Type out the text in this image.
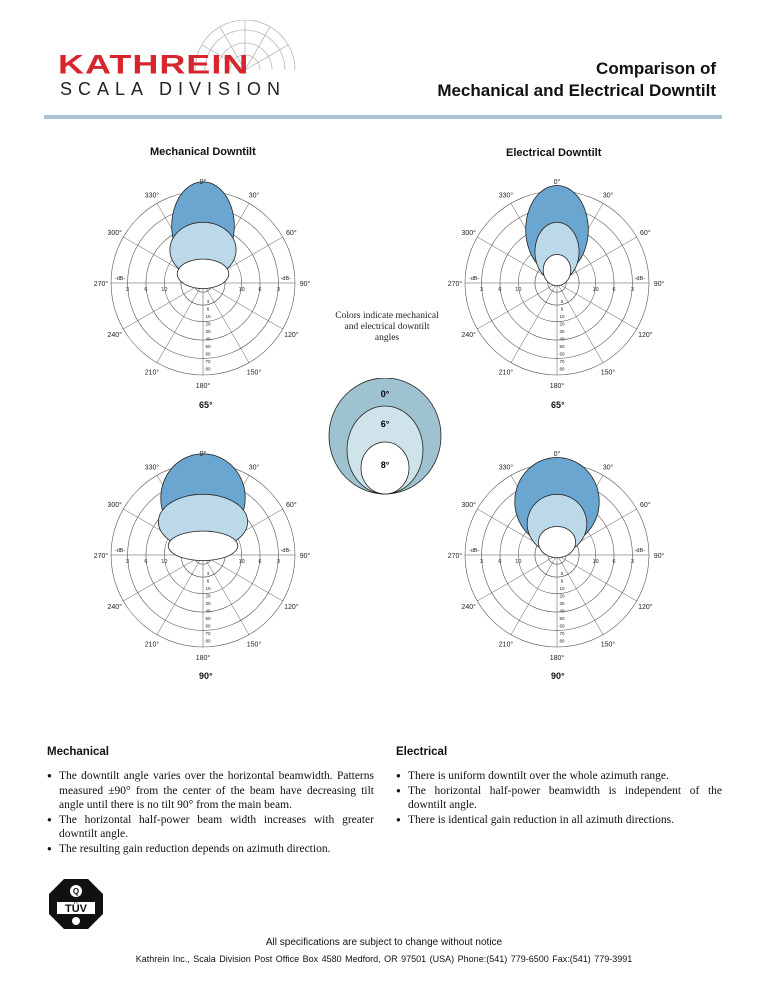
KATHREIN
SCALA DIVISION
Comparison of
Mechanical and Electrical Downtilt
Mechanical Downtilt	Electrical Downtilt
0°
30°
60°
90°
120°
150°
180°
210°
240°
270°
300°
330°
3	3
6	6
10	10
-dB-	-dB-
3
6
10
20
30
40
50
60
70
80
65°
0°
30°
60°
90°
120°
150°
180°
210°
240°
270°
300°
330°
3	3
6	6
10	10
-dB-	-dB-
3
6
10
20
30
40
50
60
70
80
65°
0°
30°
60°
90°
120°
150°
180°
210°
240°
270°
300°
330°
3	3
6	6
10	10
-dB-	-dB-
3
6
10
20
30
40
50
60
70
80
90°
0°
30°
60°
90°
120°
150°
180°
210°
240°
270°
300°
330°
3	3
6	6
10	10
-dB-	-dB-
3
6
10
20
30
40
50
60
70
80
90°
Colors indicate mechanical and electrical downtilt angles
0°
6°
8°
Mechanical	Electrical
● The downtilt angle varies over the horizontal beamwidth. Patterns measured ±90° from the center of the beam have decreasing tilt angle until there is no tilt 90° from the main beam.
● The horizontal half-power beam width increases with greater downtilt angle.
● The resulting gain reduction depends on azimuth direction.
● There is uniform downtilt over the whole azimuth range.
● The horizontal half-power beamwidth is independent of the downtilt angle.
● There is identical gain reduction in all azimuth directions.
Q
TÜV
All specifications are subject to change without notice
Kathrein Inc., Scala Division Post Office Box 4580 Medford, OR 97501 (USA) Phone:(541) 779-6500 Fax:(541) 779-3991
